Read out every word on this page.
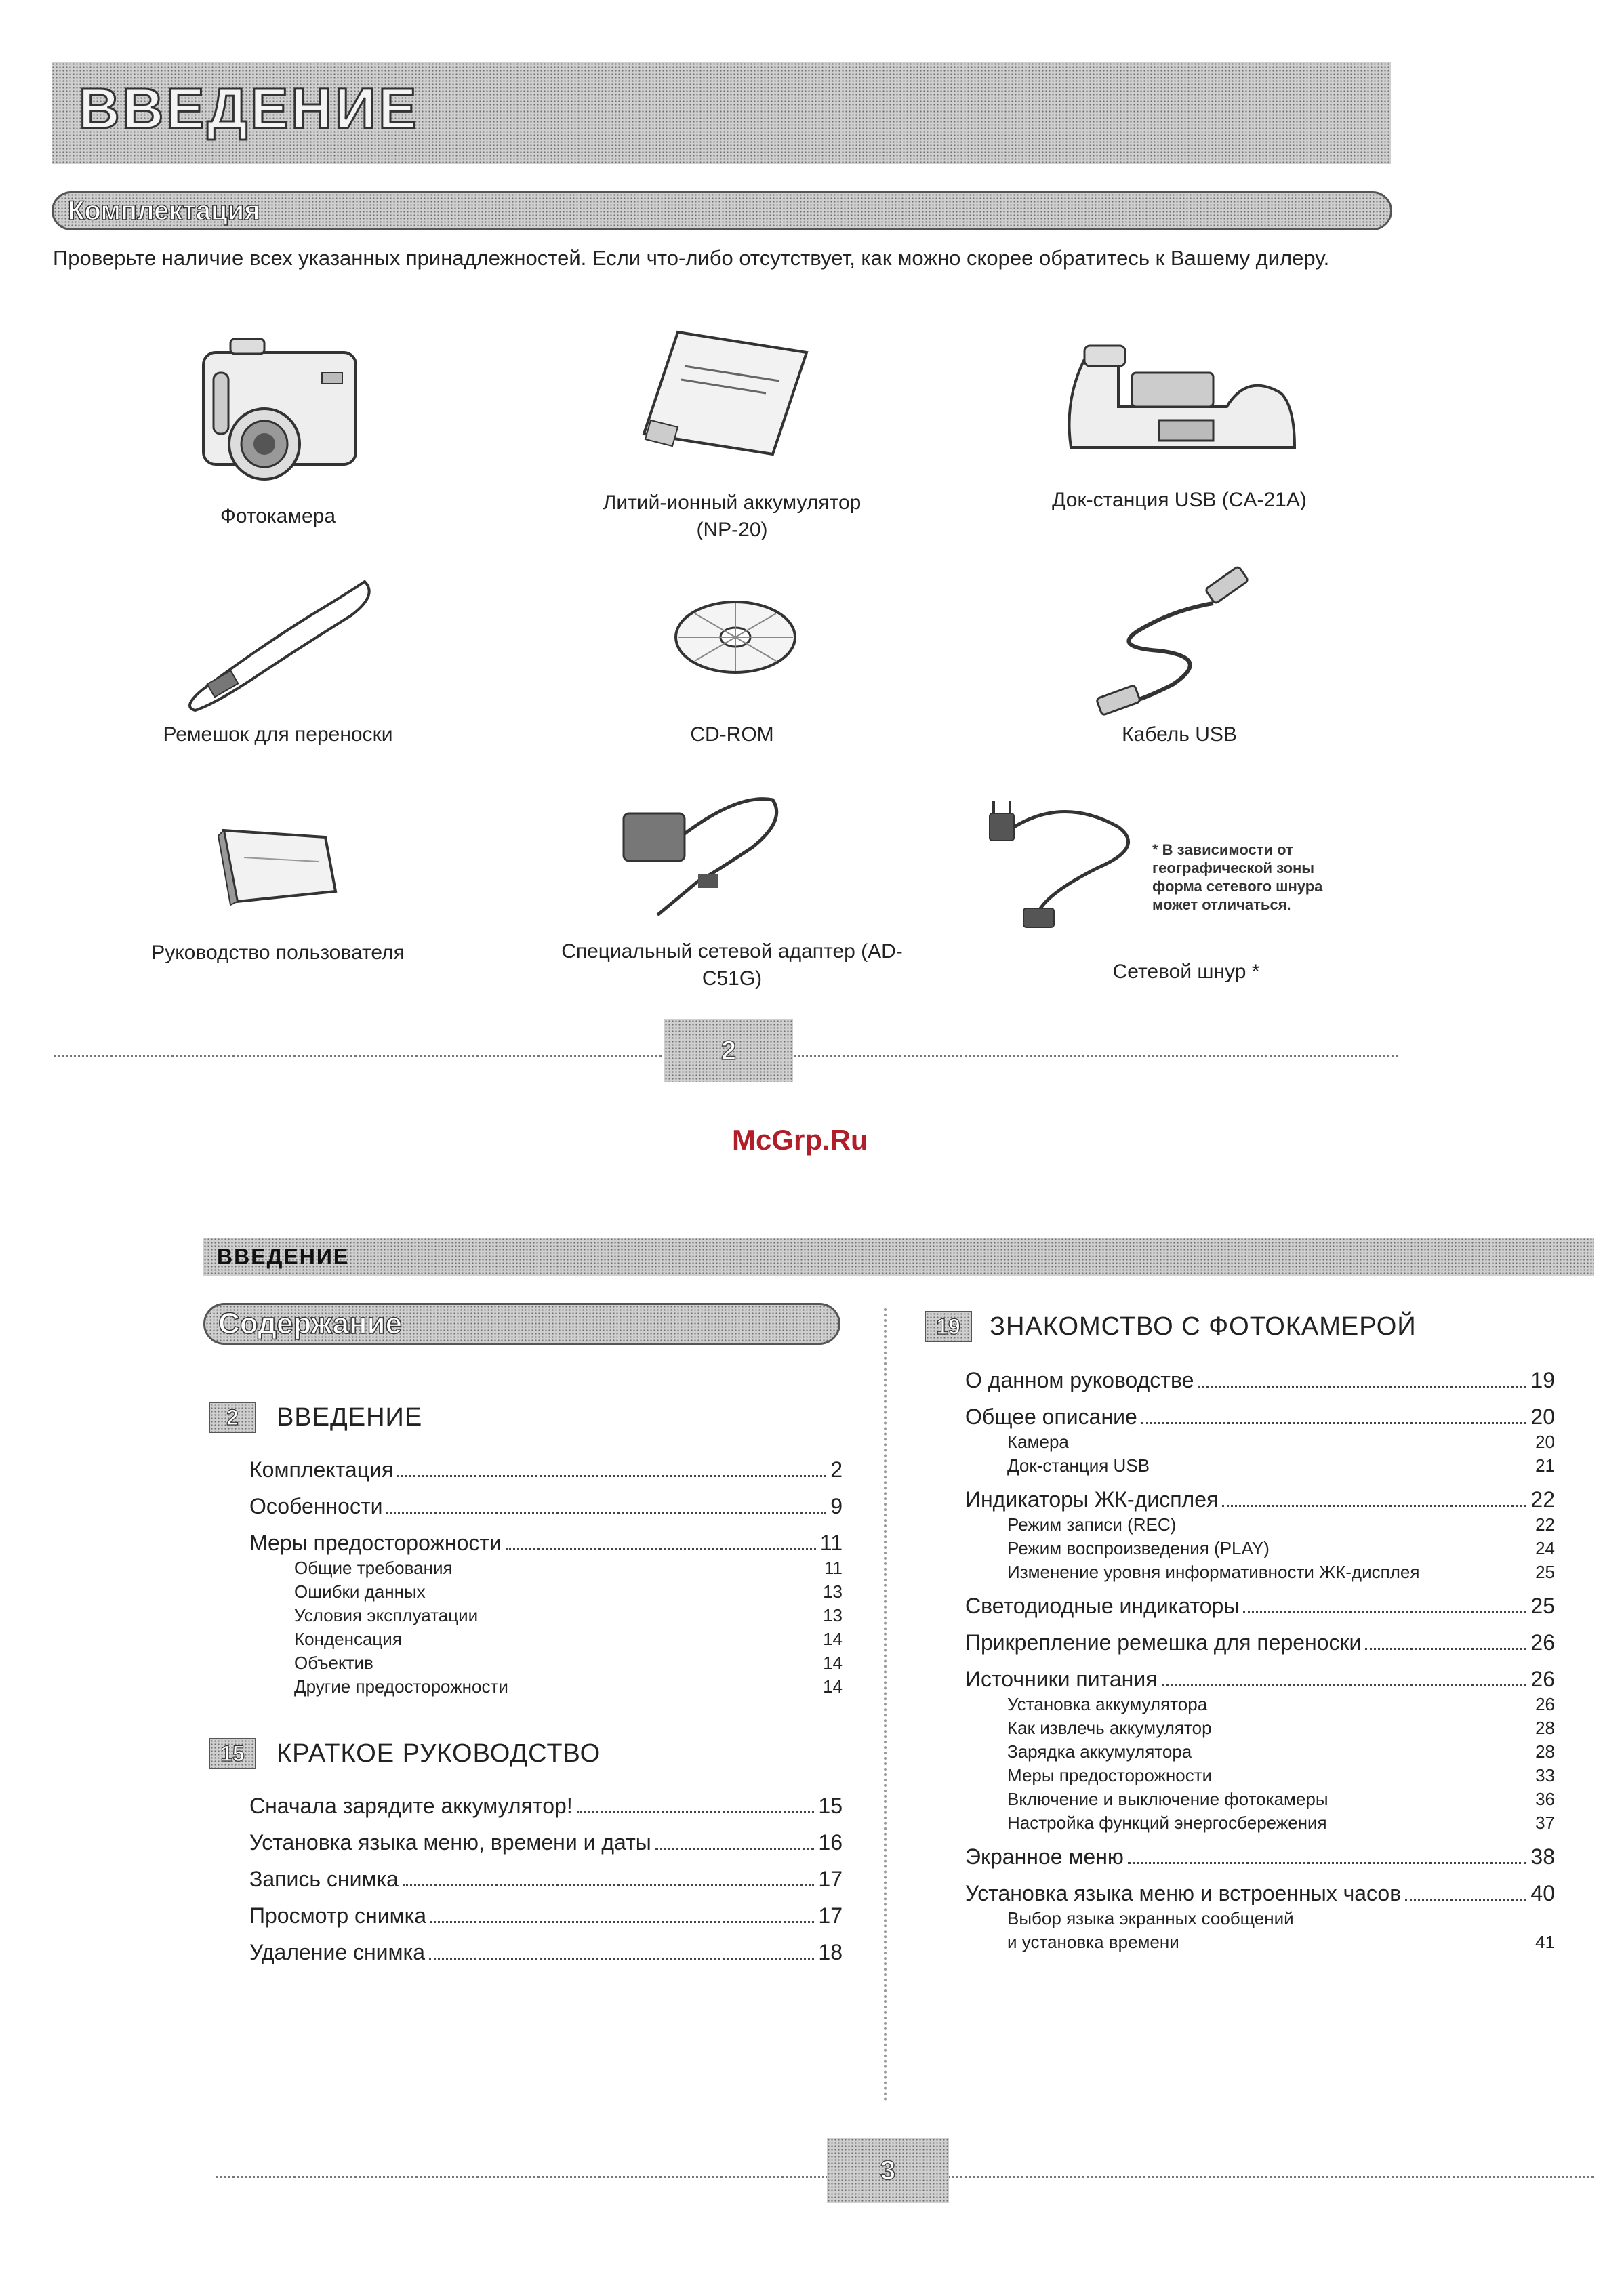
ВВЕДЕНИЕ
Комплектация
Проверьте наличие всех указанных принадлежностей. Если что-либо отсутствует, как можно скорее обратитесь к Вашему дилеру.
Фотокамера
Литий-ионный аккумулятор (NP-20)
Док-станция USB (CA-21A)
Ремешок для переноски	CD-ROM	Кабель USB
Руководство пользователя	Специальный сетевой адаптер (AD-C51G)	Сетевой шнур *
* В зависимости от географической зоны форма сетевого шнура может отличаться.
2
McGrp.Ru
ВВЕДЕНИЕ
Содержание
2	ВВЕДЕНИЕ
Комплектация	2
Особенности	9
Меры предосторожности	11
Общие требования	11
Ошибки данных	13
Условия эксплуатации	13
Конденсация	14
Объектив	14
Другие предосторожности	14
15	КРАТКОЕ РУКОВОДСТВО
Сначала зарядите аккумулятор!	15
Установка языка меню, времени и даты	16
Запись снимка	17
Просмотр снимка	17
Удаление снимка	18
19	ЗНАКОМСТВО С ФОТОКАМЕРОЙ
О данном руководстве	19
Общее описание	20
Камера	20
Док-станция USB	21
Индикаторы ЖК-дисплея	22
Режим записи (REC)	22
Режим воспроизведения (PLAY)	24
Изменение уровня информативности ЖК-дисплея	25
Светодиодные индикаторы	25
Прикрепление ремешка для переноски	26
Источники питания	26
Установка аккумулятора	26
Как извлечь аккумулятор	28
Зарядка аккумулятора	28
Меры предосторожности	33
Включение и выключение фотокамеры	36
Настройка функций энергосбережения	37
Экранное меню	38
Установка языка меню и встроенных часов	40
Выбор языка экранных сообщений
и установка времени	41
3
